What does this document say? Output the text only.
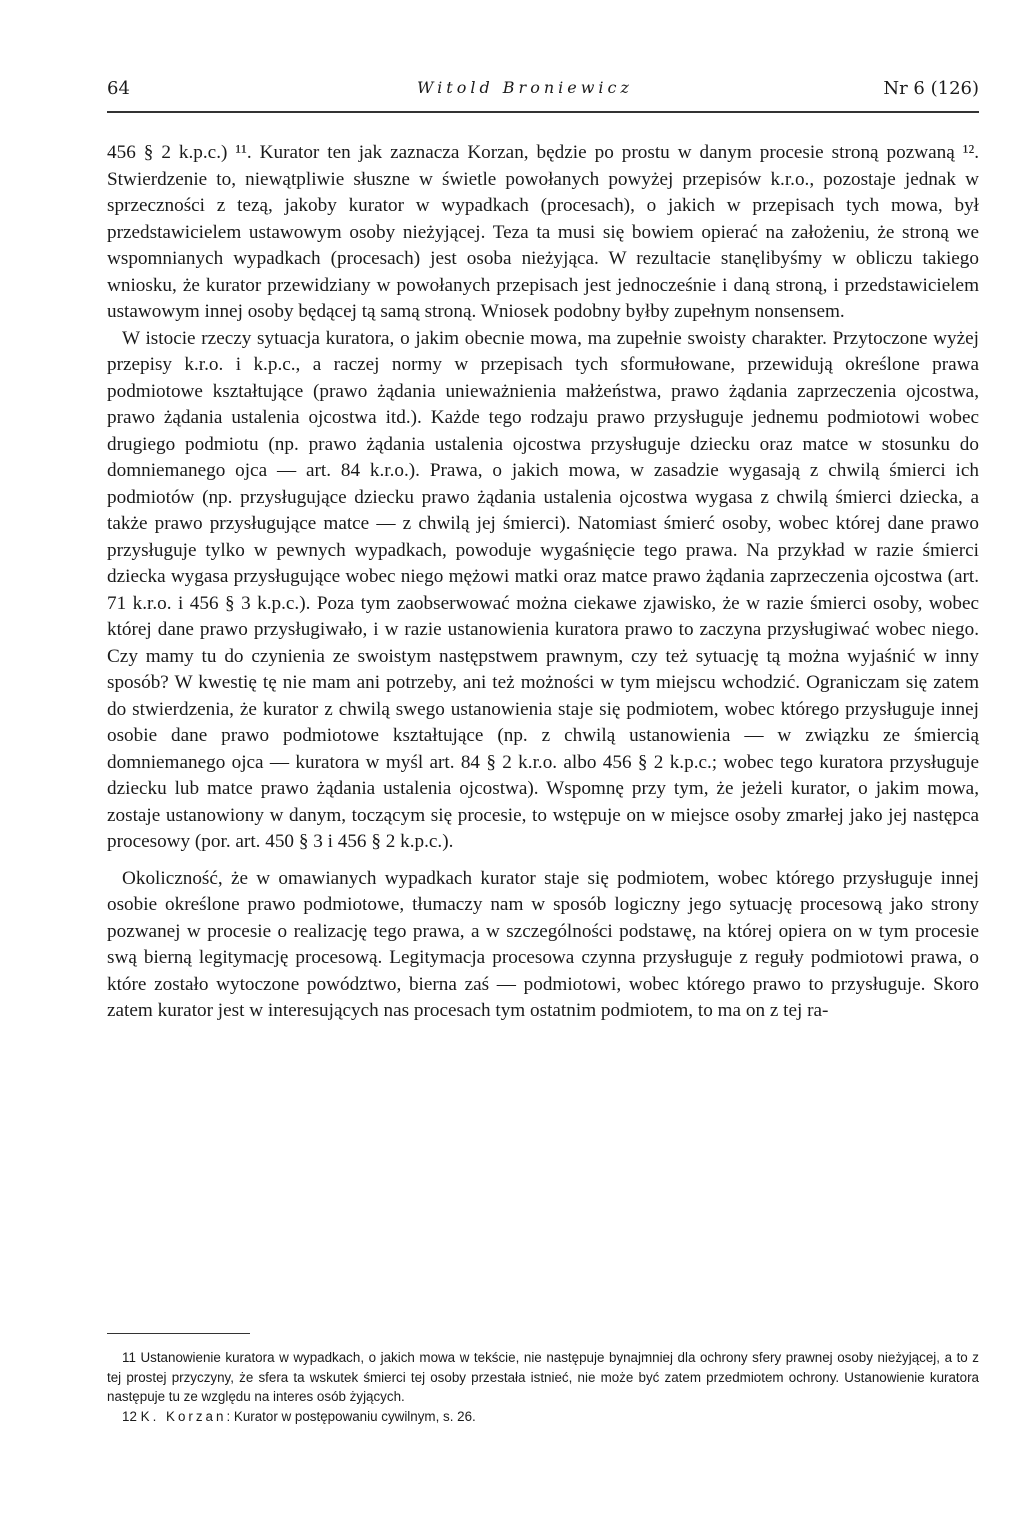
64	Witold Broniewicz	Nr 6 (126)

456 § 2 k.p.c.) ¹¹. Kurator ten jak zaznacza Korzan, będzie po prostu w danym procesie stroną pozwaną ¹². Stwierdzenie to, niewątpliwie słuszne w świetle powołanych powyżej przepisów k.r.o., pozostaje jednak w sprzeczności z tezą, jakoby kurator w wypadkach (procesach), o jakich w przepisach tych mowa, był przedstawicielem ustawowym osoby nieżyjącej. Teza ta musi się bowiem opierać na założeniu, że stroną we wspomnianych wypadkach (procesach) jest osoba nieżyjąca. W rezultacie stanęlibyśmy w obliczu takiego wniosku, że kurator przewidziany w powołanych przepisach jest jednocześnie i daną stroną, i przedstawicielem ustawowym innej osoby będącej tą samą stroną. Wniosek podobny byłby zupełnym nonsensem.

W istocie rzeczy sytuacja kuratora, o jakim obecnie mowa, ma zupełnie swoisty charakter. Przytoczone wyżej przepisy k.r.o. i k.p.c., a raczej normy w przepisach tych sformułowane, przewidują określone prawa podmiotowe kształtujące (prawo żądania unieważnienia małżeństwa, prawo żądania zaprzeczenia ojcostwa, prawo żądania ustalenia ojcostwa itd.). Każde tego rodzaju prawo przysługuje jednemu podmiotowi wobec drugiego podmiotu (np. prawo żądania ustalenia ojcostwa przysługuje dziecku oraz matce w stosunku do domniemanego ojca — art. 84 k.r.o.). Prawa, o jakich mowa, w zasadzie wygasają z chwilą śmierci ich podmiotów (np. przysługujące dziecku prawo żądania ustalenia ojcostwa wygasa z chwilą śmierci dziecka, a także prawo przysługujące matce — z chwilą jej śmierci). Natomiast śmierć osoby, wobec której dane prawo przysługuje tylko w pewnych wypadkach, powoduje wygaśnięcie tego prawa. Na przykład w razie śmierci dziecka wygasa przysługujące wobec niego mężowi matki oraz matce prawo żądania zaprzeczenia ojcostwa (art. 71 k.r.o. i 456 § 3 k.p.c.). Poza tym zaobserwować można ciekawe zjawisko, że w razie śmierci osoby, wobec której dane prawo przysługiwało, i w razie ustanowienia kuratora prawo to zaczyna przysługiwać wobec niego. Czy mamy tu do czynienia ze swoistym następstwem prawnym, czy też sytuację tą można wyjaśnić w inny sposób? W kwestię tę nie mam ani potrzeby, ani też możności w tym miejscu wchodzić. Ograniczam się zatem do stwierdzenia, że kurator z chwilą swego ustanowienia staje się podmiotem, wobec którego przysługuje innej osobie dane prawo podmiotowe kształtujące (np. z chwilą ustanowienia — w związku ze śmiercią domniemanego ojca — kuratora w myśl art. 84 § 2 k.r.o. albo 456 § 2 k.p.c.; wobec tego kuratora przysługuje dziecku lub matce prawo żądania ustalenia ojcostwa). Wspomnę przy tym, że jeżeli kurator, o jakim mowa, zostaje ustanowiony w danym, toczącym się procesie, to wstępuje on w miejsce osoby zmarłej jako jej następca procesowy (por. art. 450 § 3 i 456 § 2 k.p.c.).

Okoliczność, że w omawianych wypadkach kurator staje się podmiotem, wobec którego przysługuje innej osobie określone prawo podmiotowe, tłumaczy nam w sposób logiczny jego sytuację procesową jako strony pozwanej w procesie o realizację tego prawa, a w szczególności podstawę, na której opiera on w tym procesie swą bierną legitymację procesową. Legitymacja procesowa czynna przysługuje z reguły podmiotowi prawa, o które zostało wytoczone powództwo, bierna zaś — podmiotowi, wobec którego prawo to przysługuje. Skoro zatem kurator jest w interesujących nas procesach tym ostatnim podmiotem, to ma on z tej ra-

11 Ustanowienie kuratora w wypadkach, o jakich mowa w tekście, nie następuje bynajmniej dla ochrony sfery prawnej osoby nieżyjącej, a to z tej prostej przyczyny, że sfera ta wskutek śmierci tej osoby przestała istnieć, nie może być zatem przedmiotem ochrony. Ustanowienie kuratora następuje tu ze względu na interes osób żyjących.

12 K. Korzan: Kurator w postępowaniu cywilnym, s. 26.
